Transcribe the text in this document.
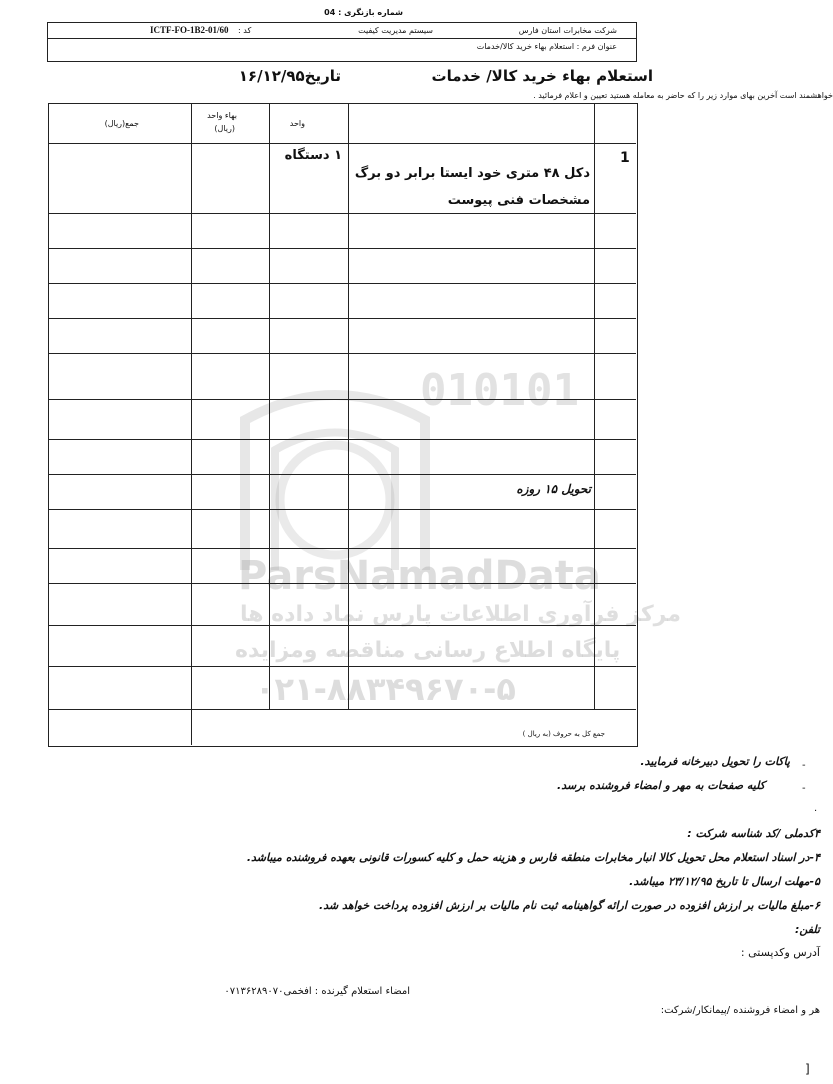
010101
ParsNamadData
مرکز فرآوری اطلاعات پارس نماد داده ها
پایگاه اطلاع رسانی مناقصه ومزایده
۰۲۱-۸۸۳۴۹۶۷۰-۵
شماره بازنگری : 04
شرکت مخابرات استان فارس
سیستم مدیریت کیفیت
کد :
ICTF-FO-1B2-01/60
عنوان فرم : استعلام بهاء خرید کالا/خدمات
استعلام بهاء خرید کالا/ خدمات
تاریخ۱۶/۱۲/۹۵
خواهشمند است آخرین بهای موارد زیر را که حاضر به معامله هستید تعیین و اعلام فرمائید .
واحد
بهاء واحد
(ریال)
جمع(ریال)
1
دکل ۴۸ متری خود ایستا برابر دو برگ
مشخصات فنی پیوست
۱ دستگاه
تحویل ۱۵ روزه
جمع کل به حروف (به ریال )
-
پاکات را تحویل دبیرخانه فرمایید.
-
کلیه صفحات به مهر و امضاء فروشنده برسد.
.
۴کدملی /کد شناسه شرکت :
۴-در اسناد استعلام محل تحویل کالا انبار مخابرات منطقه فارس و هزینه حمل و کلیه کسورات قانونی بعهده فروشنده میباشد.
۵-مهلت ارسال تا تاریخ ۲۳/۱۲/۹۵ میباشد.
۶-مبلغ مالیات بر ارزش افزوده در صورت ارائه گواهینامه ثبت نام مالیات بر ارزش افزوده پرداخت خواهد شد.
تلفن:
آدرس وکدپستی :
امضاء استعلام گیرنده : افخمی۰۷۱۳۶۲۸۹۰۷۰
هر و امضاء فروشنده /پیمانکار/شرکت:
]
